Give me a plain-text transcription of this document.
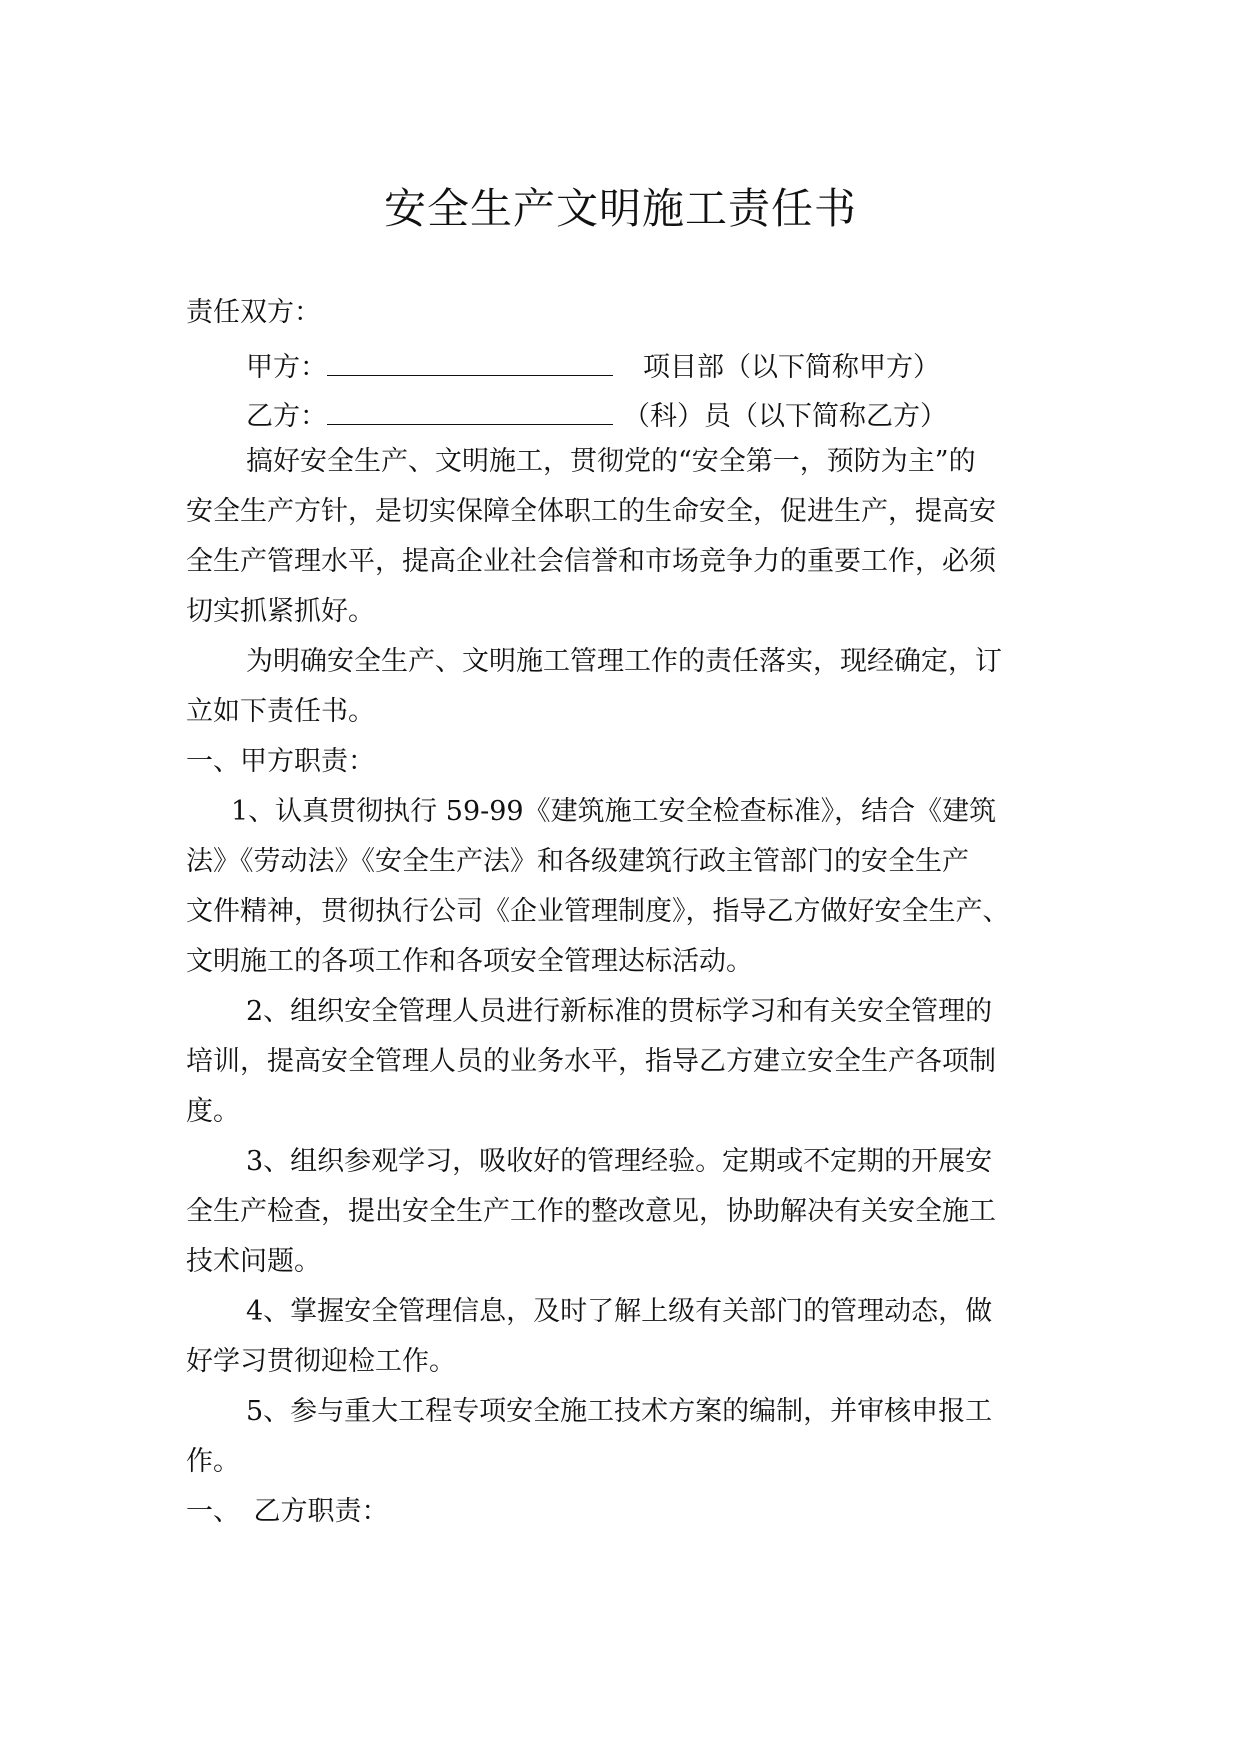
安全生产文明施工责任书
责任双方：
甲方：	项目部（以下简称甲方）
乙方：	（科）员（以下简称乙方）
搞好安全生产、文明施工，贯彻党的“安全第一，预防为主”的
安全生产方针，是切实保障全体职工的生命安全，促进生产，提高安
全生产管理水平，提高企业社会信誉和市场竞争力的重要工作，必须
切实抓紧抓好。
为明确安全生产、文明施工管理工作的责任落实，现经确定，订
立如下责任书。
一、甲方职责：
1、认真贯彻执行 59-99《建筑施工安全检查标准》，结合《建筑
法》《劳动法》《安全生产法》和各级建筑行政主管部门的安全生产
文件精神，贯彻执行公司《企业管理制度》，指导乙方做好安全生产、
文明施工的各项工作和各项安全管理达标活动。
2、组织安全管理人员进行新标准的贯标学习和有关安全管理的
培训，提高安全管理人员的业务水平，指导乙方建立安全生产各项制
度。
3、组织参观学习，吸收好的管理经验。定期或不定期的开展安
全生产检查，提出安全生产工作的整改意见，协助解决有关安全施工
技术问题。
4、掌握安全管理信息，及时了解上级有关部门的管理动态，做
好学习贯彻迎检工作。
5、参与重大工程专项安全施工技术方案的编制，并审核申报工
作。
一、　乙方职责：
